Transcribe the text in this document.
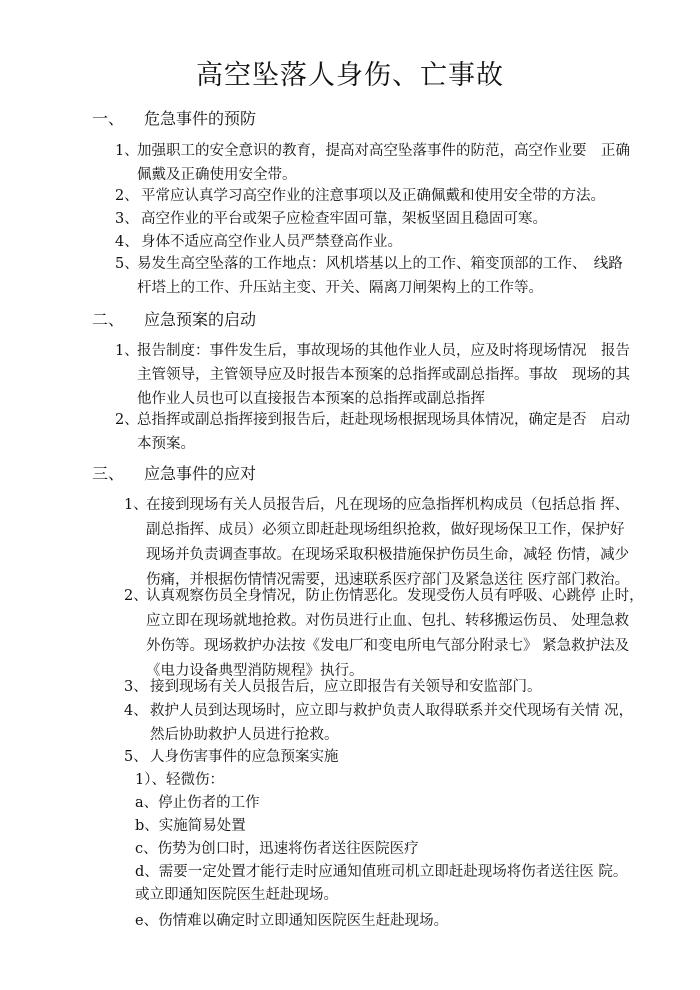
高空坠落人身伤、亡事故
一、 危急事件的预防
1、
加强职工的安全意识的教育，提高对高空坠落事件的防范，高空作业要　正确
佩戴及正确使用安全带。
2、 平常应认真学习高空作业的注意事项以及正确佩戴和使用安全带的方法。
3、 高空作业的平台或架子应检查牢固可靠，架板坚固且稳固可寒。
4、 身体不适应高空作业人员严禁登高作业。
5、
易发生高空坠落的工作地点：风机塔基以上的工作、箱变顶部的工作、　线路
杆塔上的工作、升压站主变、开关、隔离刀闸架构上的工作等。
二、 应急预案的启动
1、
报告制度：事件发生后，事故现场的其他作业人员，应及时将现场情况　报告
主管领导，主管领导应及时报告本预案的总指挥或副总指挥。事故　现场的其
他作业人员也可以直接报告本预案的总指挥或副总指挥
2、
总指挥或副总指挥接到报告后，赶赴现场根据现场具体情况，确定是否　启动
本预案。
三、 应急事件的应对
1、
在接到现场有关人员报告后，凡在现场的应急指挥机构成员（包括总指 挥、
副总指挥、成员）必须立即赶赴现场组织抢救，做好现场保卫工作，保护好
现场并负责调查事故。在现场采取积极措施保护伤员生命，减轻 伤情，减少
伤痛，并根据伤情情况需要，迅速联系医疗部门及紧急送往 医疗部门救治。
2、
认真观察伤员全身情况，防止伤情恶化。发现受伤人员有呼吸、心跳停 止时，
应立即在现场就地抢救。对伤员进行止血、包扎、转移搬运伤员、 处理急救
外伤等。现场救护办法按《发电厂和变电所电气部分附录七》 紧急救护法及
《电力设备典型消防规程》执行。
3、 接到现场有关人员报告后，应立即报告有关领导和安监部门。
4、 救护人员到达现场时，应立即与救护负责人取得联系并交代现场有关情 况，
然后协助救护人员进行抢救。
5、 人身伤害事件的应急预案实施
1）、轻微伤：
a、停止伤者的工作
b、实施简易处置
c、伤势为创口时，迅速将伤者送往医院医疗
d、需要一定处置才能行走时应通知值班司机立即赶赴现场将伤者送往医 院。
或立即通知医院医生赶赴现场。
e、伤情难以确定时立即通知医院医生赶赴现场。
